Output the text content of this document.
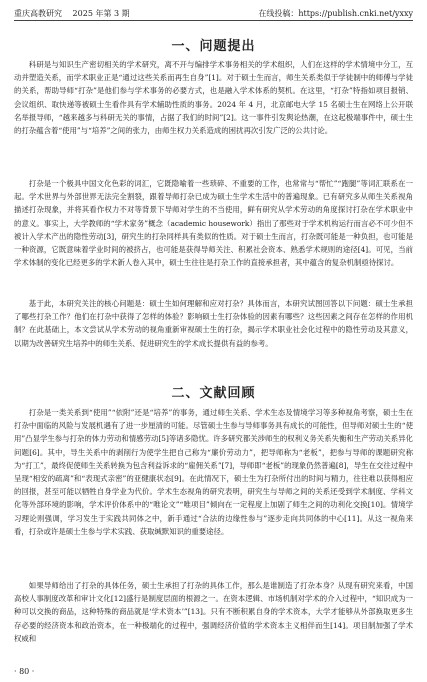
重庆高教研究 2025 年第 3 期	在线投稿：https://publish.cnki.net/yxxy
一、问题提出

科研是与知识生产密切相关的学术研究，离不开与编排学术事务相关的学术组织，人们在这样的学术情境中分工，互动并塑造关系，而学术职业正是“通过这些关系而再生自身”[1]。对于硕士生而言，师生关系类似于学徒制中的师傅与学徒的关系，帮助导师“打杂”是他们参与学术事务的必要方式，也是融入学术体系的契机。在这里，“打杂”特指如项目报销、会议组织、取快递等被硕士生看作具有学术辅助性质的事务。2024 年 4 月，北京邮电大学 15 名硕士生在网络上公开联名举报导师，“越来越多与科研无关的事情，占据了我们的时间”[2]。这一事件引发舆论热潮，在这起极端事件中，硕士生的打杂蕴含着“使用”与“培养”之间的张力，由师生权力关系造成的困扰再次引发广泛的公共讨论。

打杂是一个极具中国文化色彩的词汇，它既隐喻着一些琐碎、不重要的工作，也常常与“帮忙”“跑腿”等词汇联系在一起。学术世界与外部世界无法完全割裂，跟着导师打杂已成为硕士生学术生活中的普遍现象。已有研究多从师生关系视角描述打杂现象，并将其看作权力不对等背景下导师对学生的不当使用，鲜有研究从学术劳动的角度探讨打杂在学术职业中的意义。事实上，大学教师的“学术家务”概念（academic housework）指出了那些对于学术机构运行而言必不可少但不被计入学术产出的隐性劳动[3]，研究生的打杂同样具有类似的性质。对于硕士生而言，打杂既可能是一种负担，也可能是一种资源，它既意味着学业时间的被挤占，也可能是获得导师关注、积累社会资本、熟悉学术规则的途径[4]。可见，当前学术体制的变化已经更多的学术新人卷入其中，硕士生往往是打杂工作的直接承担者，其中蕴含的复杂机制亟待探讨。

基于此，本研究关注的核心问题是：硕士生如何理解和应对打杂？具体而言，本研究试图回答以下问题：硕士生承担了哪些打杂工作？他们在打杂中获得了怎样的体验？影响硕士生打杂体验的因素有哪些？这些因素之间存在怎样的作用机制？在此基础上，本文尝试从学术劳动的视角重新审视硕士生的打杂，揭示学术职业社会化过程中的隐性劳动及其意义，以期为改善研究生培养中的师生关系、促进研究生的学术成长提供有益的参考。

二、文献回顾

打杂是一类关系到“使用”“依附”还是“培养”的事务，通过师生关系、学术生态及情境学习等多种视角考察，硕士生在打杂中面临的风险与发展机遇有了进一步厘清的可能。尽管硕士生参与导师事务具有成长的可能性，但导师对硕士生的“使用”凸显学生参与打杂的体力劳动和情感劳动[5]等诸多隐忧。许多研究都关涉师生的权利义务关系失衡和生产劳动关系异化问题[6]。其中，导生关系中的剥削行为使学生把自己称为“廉价劳动力”，把导师称为“老板”，把参与导师的课题研究称为“打工”，最终促使师生关系转换为包含利益诉求的“雇佣关系”[7]，导师即“老板”的现象仍然普遍[8]，导生在交往过程中呈现“相安的疏离”和“表现式亲密”的亚健康状态[9]。在此情况下，硕士生为打杂所付出的时间与精力，往往难以获得相应的回报，甚至可能以牺牲自身学业为代价。学术生态视角的研究表明，研究生与导师之间的关系还受到学术制度、学科文化等外部环境的影响，学术评价体系中的“唯论文”“唯项目”倾向在一定程度上加剧了师生之间的功利化交换[10]。情境学习理论则强调，学习发生于实践共同体之中，新手通过“合法的边缘性参与”逐步走向共同体的中心[11]。从这一视角来看，打杂或许是硕士生参与学术实践、获取缄默知识的重要途径。

如果导师给出了打杂的具体任务，硕士生承担了打杂的具体工作，那么是谁制造了打杂本身？从现有研究来看，中国高校人事制度改革和审计文化[12]盛行是制度层面的根源之一。在资本逻辑、市场机制对学术的介入过程中，“知识成为一种可以交换的商品，这种特殊的商品就是‘学术资本’”[13]。只有不断积累自身的学术资本，大学才能够从外部换取更多生存必要的经济资本和政治资本，在一种极端化的过程中，强调经济价值的学术资本主义相伴而生[14]。项目制加强了学术权威和

· 80 ·
